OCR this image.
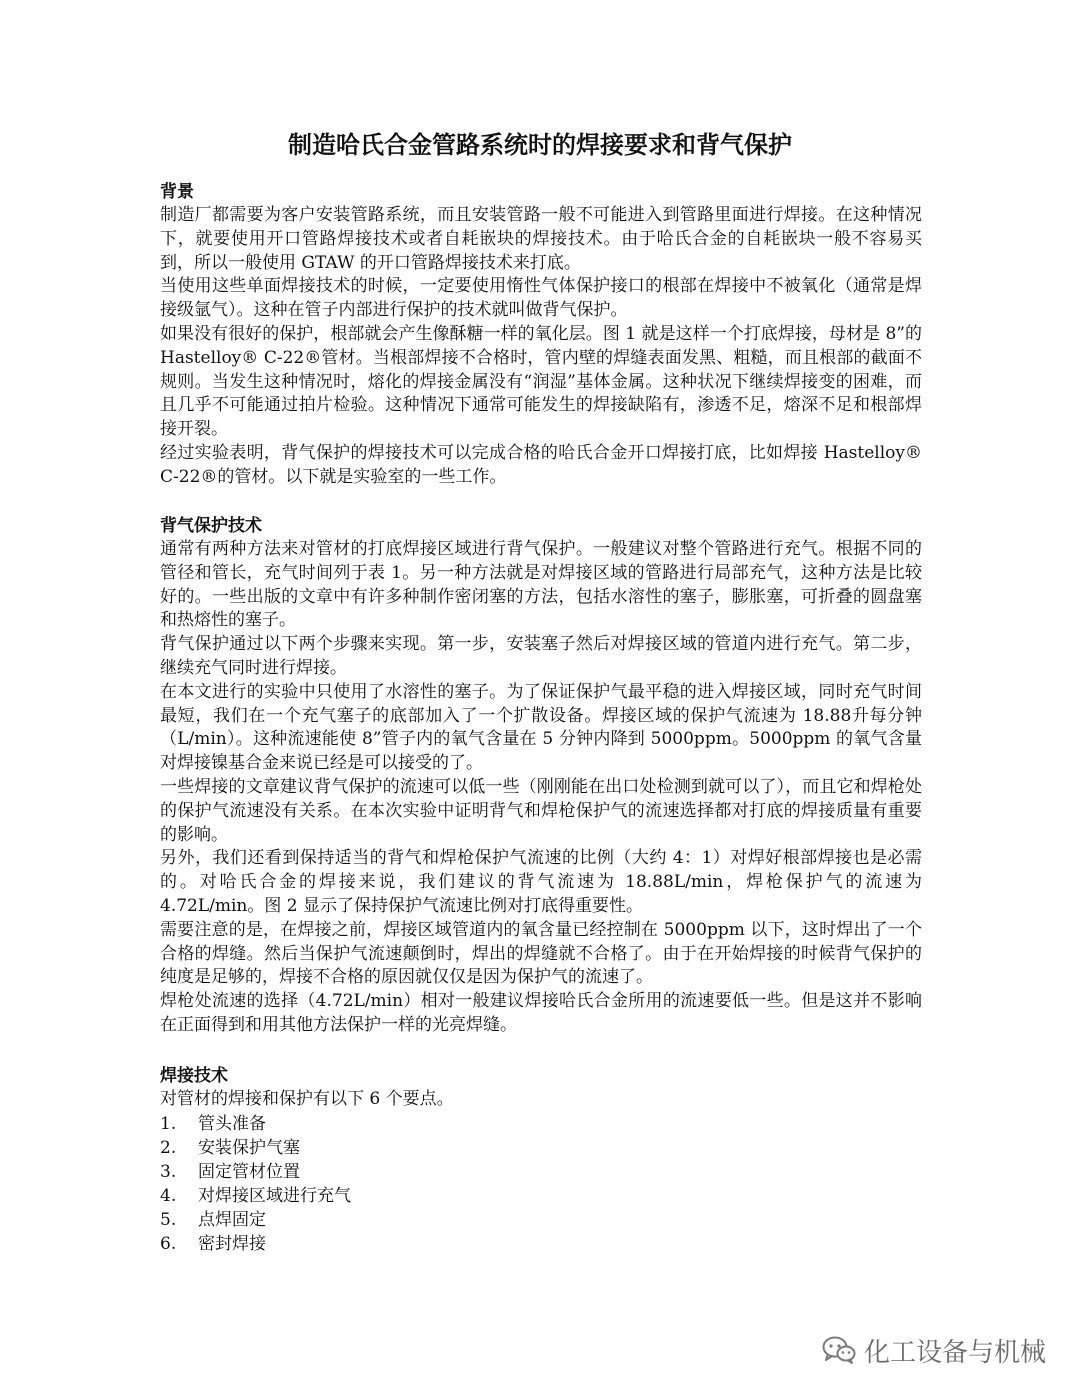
制造哈氏合金管路系统时的焊接要求和背气保护
背景

制造厂都需要为客户安装管路系统，而且安装管路一般不可能进入到管路里面进行焊接。在这种情况下，就要使用开口管路焊接技术或者自耗嵌块的焊接技术。由于哈氏合金的自耗嵌块一般不容易买到，所以一般使用 GTAW 的开口管路焊接技术来打底。

当使用这些单面焊接技术的时候，一定要使用惰性气体保护接口的根部在焊接中不被氧化（通常是焊接级氩气）。这种在管子内部进行保护的技术就叫做背气保护。

如果没有很好的保护，根部就会产生像酥糖一样的氧化层。图 1 就是这样一个打底焊接，母材是 8”的 Hastelloy® C-22®管材。当根部焊接不合格时，管内壁的焊缝表面发黑、粗糙，而且根部的截面不规则。当发生这种情况时，熔化的焊接金属没有“润湿”基体金属。这种状况下继续焊接变的困难，而且几乎不可能通过拍片检验。这种情况下通常可能发生的焊接缺陷有，渗透不足，熔深不足和根部焊接开裂。

经过实验表明，背气保护的焊接技术可以完成合格的哈氏合金开口焊接打底，比如焊接 Hastelloy® C-22®的管材。以下就是实验室的一些工作。

背气保护技术

通常有两种方法来对管材的打底焊接区域进行背气保护。一般建议对整个管路进行充气。根据不同的管径和管长，充气时间列于表 1。另一种方法就是对焊接区域的管路进行局部充气，这种方法是比较好的。一些出版的文章中有许多种制作密闭塞的方法，包括水溶性的塞子，膨胀塞，可折叠的圆盘塞和热熔性的塞子。

背气保护通过以下两个步骤来实现。第一步，安装塞子然后对焊接区域的管道内进行充气。第二步，继续充气同时进行焊接。

在本文进行的实验中只使用了水溶性的塞子。为了保证保护气最平稳的进入焊接区域，同时充气时间最短，我们在一个充气塞子的底部加入了一个扩散设备。焊接区域的保护气流速为 18.88升每分钟（L/min）。这种流速能使 8”管子内的氧气含量在 5 分钟内降到 5000ppm。5000ppm 的氧气含量对焊接镍基合金来说已经是可以接受的了。

一些焊接的文章建议背气保护的流速可以低一些（刚刚能在出口处检测到就可以了），而且它和焊枪处的保护气流速没有关系。在本次实验中证明背气和焊枪保护气的流速选择都对打底的焊接质量有重要的影响。

另外，我们还看到保持适当的背气和焊枪保护气流速的比例（大约 4：1）对焊好根部焊接也是必需的。对哈氏合金的焊接来说，我们建议的背气流速为 18.88L/min，焊枪保护气的流速为 4.72L/min。图 2 显示了保持保护气流速比例对打底得重要性。

需要注意的是，在焊接之前，焊接区域管道内的氧含量已经控制在 5000ppm 以下，这时焊出了一个合格的焊缝。然后当保护气流速颠倒时，焊出的焊缝就不合格了。由于在开始焊接的时候背气保护的纯度是足够的，焊接不合格的原因就仅仅是因为保护气的流速了。

焊枪处流速的选择（4.72L/min）相对一般建议焊接哈氏合金所用的流速要低一些。但是这并不影响在正面得到和用其他方法保护一样的光亮焊缝。

焊接技术

对管材的焊接和保护有以下 6 个要点。

1.	管头准备
2.	安装保护气塞
3.	固定管材位置
4.	对焊接区域进行充气
5.	点焊固定
6.	密封焊接
化工设备与机械
